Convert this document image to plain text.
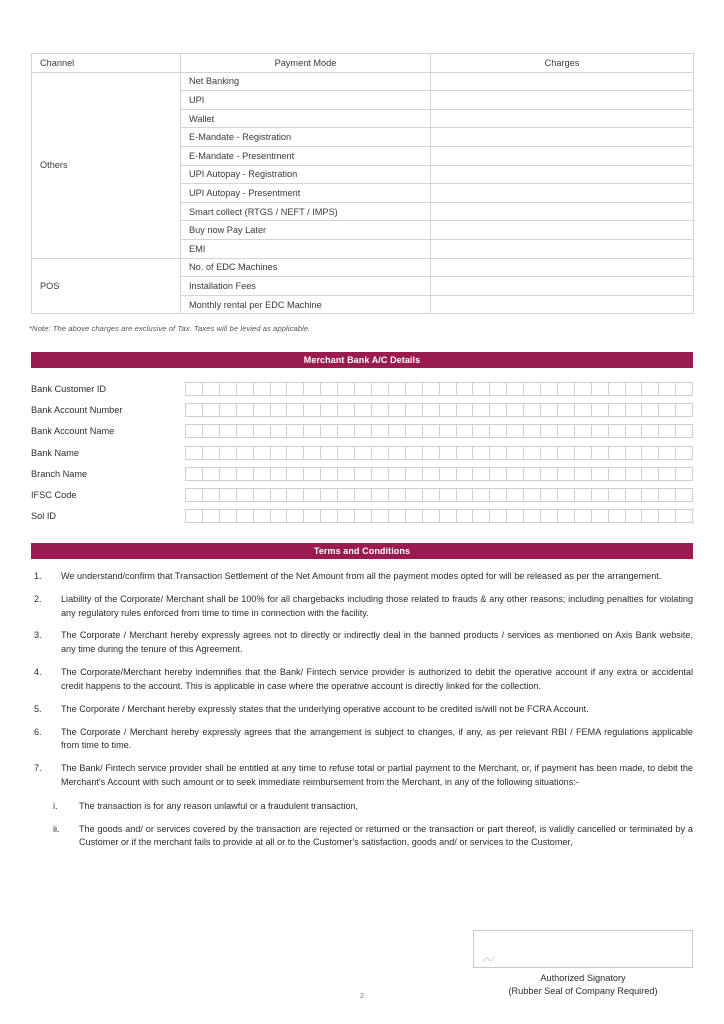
Channel	Payment Mode	Charges
Others	Net Banking	
	UPI	
	Wallet	
	E-Mandate - Registration	
	E-Mandate - Presentment	
	UPI Autopay - Registration	
	UPI Autopay - Presentment	
	Smart collect (RTGS / NEFT / IMPS)	
	Buy now Pay Later	
	EMI	
POS	No. of EDC Machines	
	Installation Fees	
	Monthly rental per EDC Machine	
*Note: The above charges are exclusive of Tax. Taxes will be levied as applicable.
Merchant Bank A/C Details
Bank Customer ID
Bank Account Number
Bank Account Name
Bank Name
Branch Name
IFSC Code
Sol ID
Terms and Conditions
1.	We understand/confirm that Transaction Settlement of the Net Amount from all the payment modes opted for will be released as per the arrangement.
2.	Liability of the Corporate/ Merchant shall be 100% for all chargebacks including those related to frauds & any other reasons; including penalties for violating any regulatory rules enforced from time to time in connection with the facility.
3.	The Corporate / Merchant hereby expressly agrees not to directly or indirectly deal in the banned products / services as mentioned on Axis Bank website, any time during the tenure of this Agreement.
4.	The Corporate/Merchant hereby indemnifies that the Bank/ Fintech service provider is authorized to debit the operative account if any extra or accidental credit happens to the account. This is applicable in case where the operative account is directly linked for the collection.
5.	The Corporate / Merchant hereby expressly states that the underlying operative account to be credited is/will not be FCRA Account.
6.	The Corporate / Merchant hereby expressly agrees that the arrangement is subject to changes, if any, as per relevant RBI / FEMA regulations applicable from time to time.
7.	The Bank/ Fintech service provider shall be entitled at any time to refuse total or partial payment to the Merchant, or, if payment has been made, to debit the Merchant's Account with such amount or to seek immediate reimbursement from the Merchant, in any of the following situations:-
i.	The transaction is for any reason unlawful or a fraudulent transaction,
ii.	The goods and/ or services covered by the transaction are rejected or returned or the transaction or part thereof, is validly cancelled or terminated by a Customer or if the merchant fails to provide at all or to the Customer's satisfaction, goods and/ or services to the Customer,
Authorized Signatory
(Rubber Seal of Company Required)
2
